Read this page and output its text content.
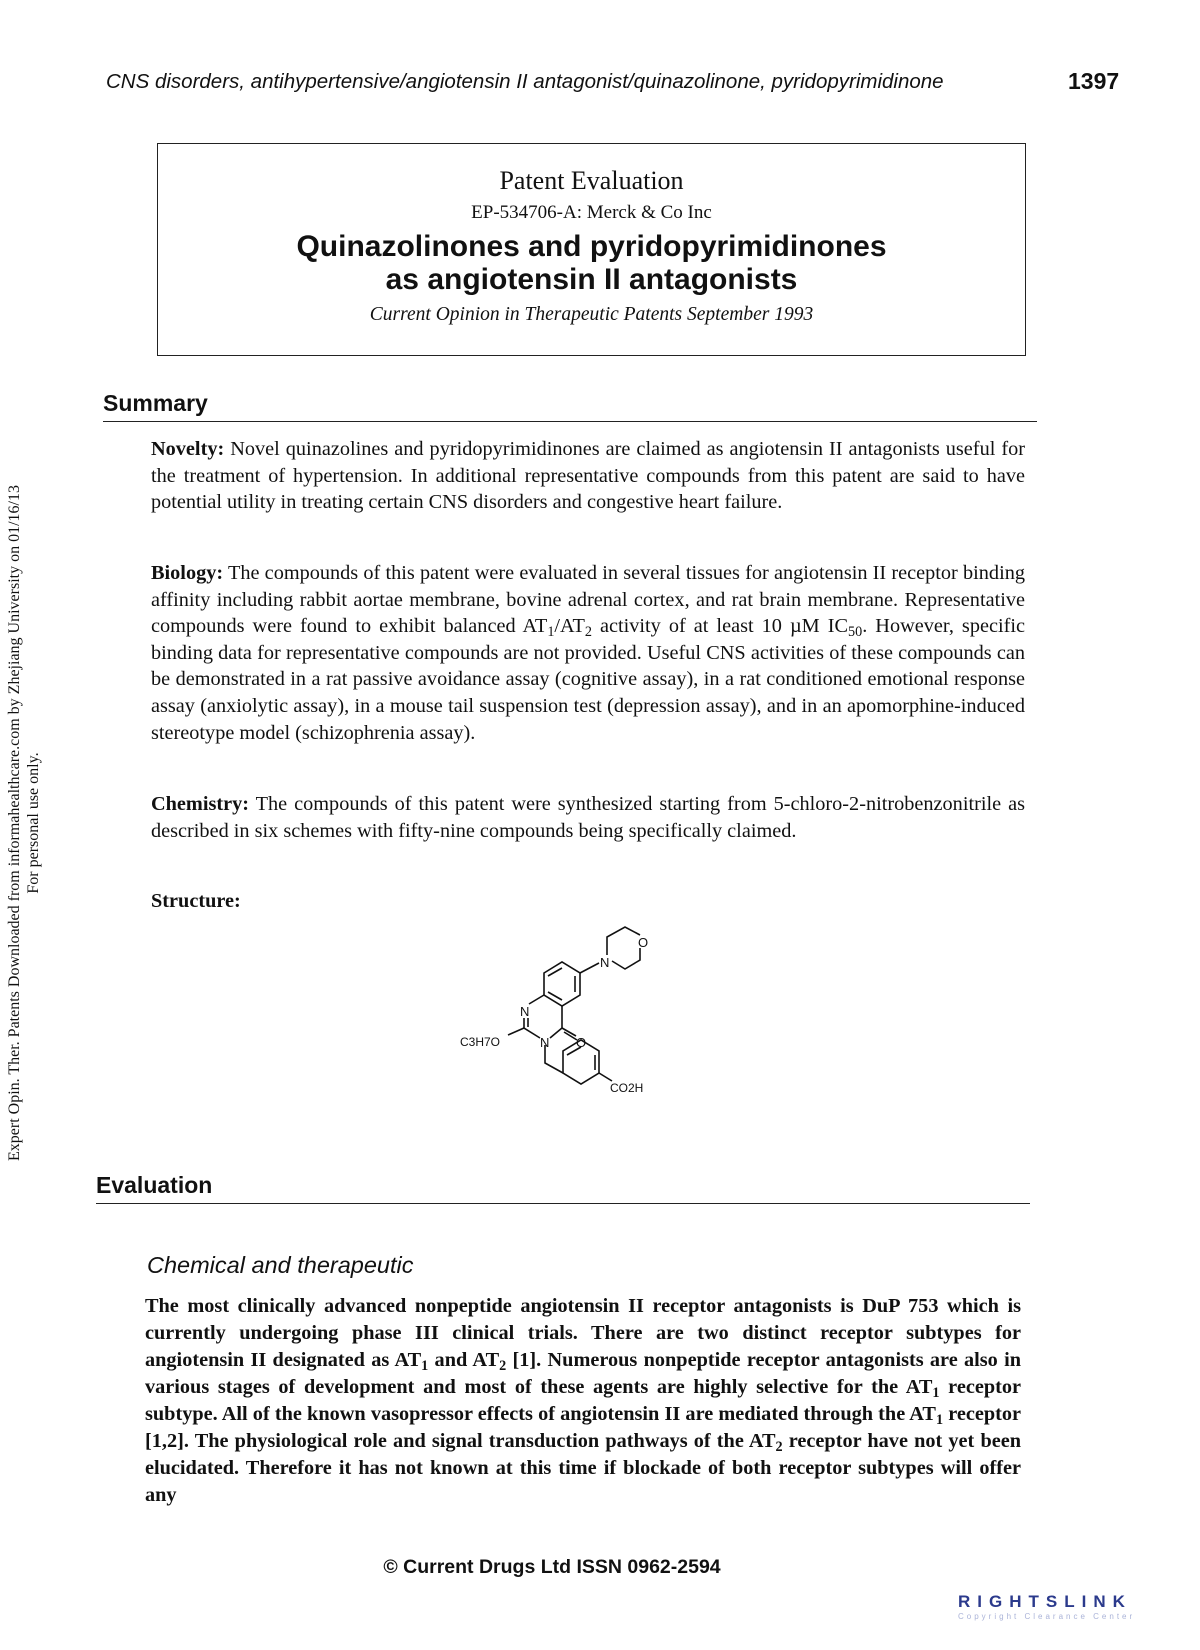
CNS disorders, antihypertensive/angiotensin II antagonist/quinazolinone, pyridopyrimidinone	1397
Patent Evaluation
EP-534706-A: Merck & Co Inc
Quinazolinones and pyridopyrimidinones
as angiotensin II antagonists
Current Opinion in Therapeutic Patents September 1993
Summary
Novelty: Novel quinazolines and pyridopyrimidinones are claimed as angiotensin II antagonists useful for the treatment of hypertension. In additional representative compounds from this patent are said to have potential utility in treating certain CNS disorders and congestive heart failure.
Biology: The compounds of this patent were evaluated in several tissues for angiotensin II receptor binding affinity including rabbit aortae membrane, bovine adrenal cortex, and rat brain membrane. Representative compounds were found to exhibit balanced $AT_1/AT_2$ activity of at least 10 µM $IC_{50}$. However, specific binding data for representative compounds are not provided. Useful CNS activities of these compounds can be demonstrated in a rat passive avoidance assay (cognitive assay), in a rat conditioned emotional response assay (anxiolytic assay), in a mouse tail suspension test (depression assay), and in an apomorphine-induced stereotype model (schizophrenia assay).
Chemistry: The compounds of this patent were synthesized starting from 5-chloro-2-nitrobenzonitrile as described in six schemes with fifty-nine compounds being specifically claimed.
Structure:
N
O
N
N O
C3H7O
CO2H
Evaluation
Chemical and therapeutic
The most clinically advanced nonpeptide angiotensin II receptor antagonists is DuP 753 which is currently undergoing phase III clinical trials. There are two distinct receptor subtypes for angiotensin II designated as $AT_1$ and $AT_2$ [1]. Numerous nonpeptide receptor antagonists are also in various stages of development and most of these agents are highly selective for the $AT_1$ receptor subtype. All of the known vasopressor effects of angiotensin II are mediated through the $AT_1$ receptor [1,2]. The physiological role and signal transduction pathways of the $AT_2$ receptor have not yet been elucidated. Therefore it has not known at this time if blockade of both receptor subtypes will offer any
© Current Drugs Ltd ISSN 0962-2594
Expert Opin. Ther. Patents Downloaded from informahealthcare.com by Zhejiang University on 01/16/13 For personal use only.
RIGHTSLINK
Copyright Clearance Center
